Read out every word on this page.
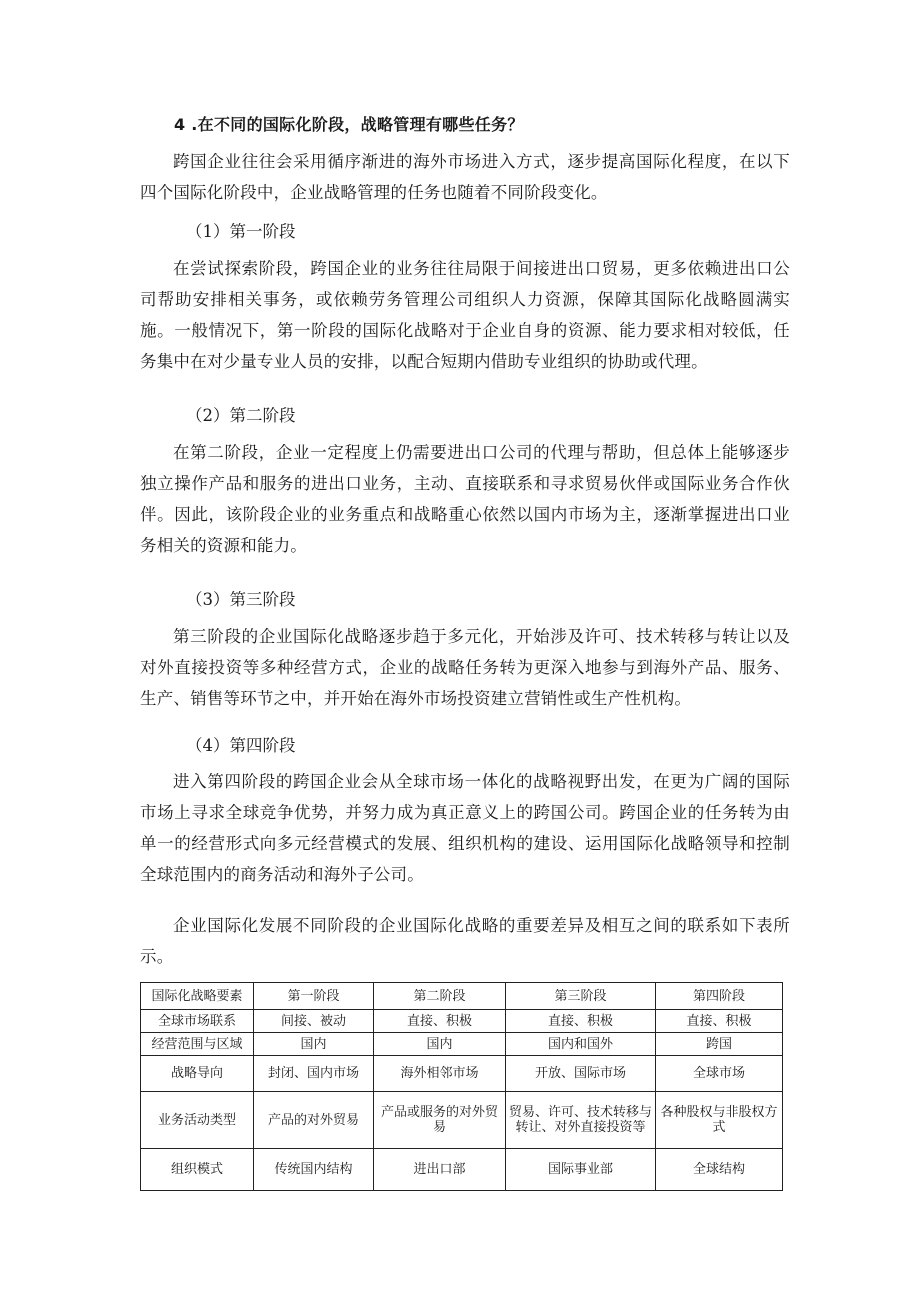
4 .在不同的国际化阶段，战略管理有哪些任务？

跨国企业往往会采用循序渐进的海外市场进入方式，逐步提高国际化程度，在以下四个国际化阶段中，企业战略管理的任务也随着不同阶段变化。

（1）第一阶段

在尝试探索阶段，跨国企业的业务往往局限于间接进出口贸易，更多依赖进出口公司帮助安排相关事务，或依赖劳务管理公司组织人力资源，保障其国际化战略圆满实施。一般情况下，第一阶段的国际化战略对于企业自身的资源、能力要求相对较低，任务集中在对少量专业人员的安排，以配合短期内借助专业组织的协助或代理。

（2）第二阶段

在第二阶段，企业一定程度上仍需要进出口公司的代理与帮助，但总体上能够逐步独立操作产品和服务的进出口业务，主动、直接联系和寻求贸易伙伴或国际业务合作伙伴。因此，该阶段企业的业务重点和战略重心依然以国内市场为主，逐渐掌握进出口业务相关的资源和能力。

（3）第三阶段

第三阶段的企业国际化战略逐步趋于多元化，开始涉及许可、技术转移与转让以及对外直接投资等多种经营方式，企业的战略任务转为更深入地参与到海外产品、服务、生产、销售等环节之中，并开始在海外市场投资建立营销性或生产性机构。

（4）第四阶段

进入第四阶段的跨国企业会从全球市场一体化的战略视野出发，在更为广阔的国际市场上寻求全球竞争优势，并努力成为真正意义上的跨国公司。跨国企业的任务转为由单一的经营形式向多元经营模式的发展、组织机构的建设、运用国际化战略领导和控制全球范围内的商务活动和海外子公司。

企业国际化发展不同阶段的企业国际化战略的重要差异及相互之间的联系如下表所示。

国际化战略要素	第一阶段	第二阶段	第三阶段	第四阶段
全球市场联系	间接、被动	直接、积极	直接、积极	直接、积极
经营范围与区域	国内	国内	国内和国外	跨国
战略导向	封闭、国内市场	海外相邻市场	开放、国际市场	全球市场
业务活动类型	产品的对外贸易	产品或服务的对外贸易	贸易、许可、技术转移与转让、对外直接投资等	各种股权与非股权方式
组织模式	传统国内结构	进出口部	国际事业部	全球结构
